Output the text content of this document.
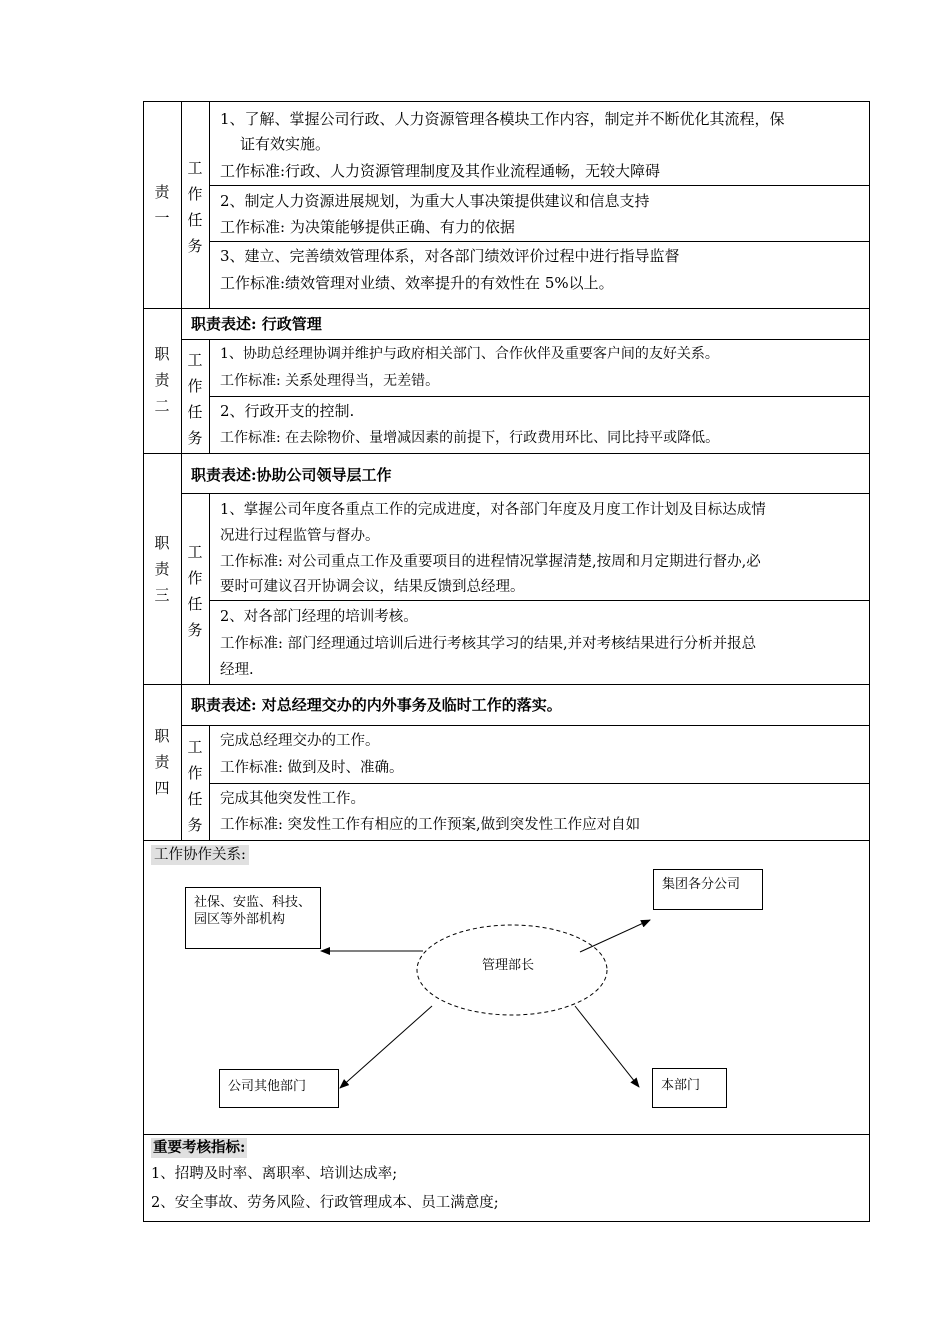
责一
工作任务
1、了解、掌握公司行政、人力资源管理各模块工作内容，制定并不断优化其流程，保
证有效实施。
工作标准:行政、人力资源管理制度及其作业流程通畅，无较大障碍
2、制定人力资源进展规划，为重大人事决策提供建议和信息支持
工作标准: 为决策能够提供正确、有力的依据
3、建立、完善绩效管理体系，对各部门绩效评价过程中进行指导监督
工作标准:绩效管理对业绩、效率提升的有效性在 5%以上。
职责二
职责表述: 行政管理
工作任务
1、协助总经理协调并维护与政府相关部门、合作伙伴及重要客户间的友好关系。
工作标准: 关系处理得当，无差错。
2、行政开支的控制.
工作标准: 在去除物价、量增减因素的前提下，行政费用环比、同比持平或降低。
职责三
职责表述:协助公司领导层工作
工作任务
1、掌握公司年度各重点工作的完成进度，对各部门年度及月度工作计划及目标达成情
况进行过程监管与督办。
工作标准: 对公司重点工作及重要项目的进程情况掌握清楚,按周和月定期进行督办,必
要时可建议召开协调会议，结果反馈到总经理。
2、对各部门经理的培训考核。
工作标准: 部门经理通过培训后进行考核其学习的结果,并对考核结果进行分析并报总
经理.
职责四
职责表述: 对总经理交办的内外事务及临时工作的落实。
工作任务
完成总经理交办的工作。
工作标准: 做到及时、准确。
完成其他突发性工作。
工作标准: 突发性工作有相应的工作预案,做到突发性工作应对自如
工作协作关系:
管理部长
社保、安监、科技、园区等外部机构
集团各分公司
公司其他部门	本部门
重要考核指标:
1、招聘及时率、离职率、培训达成率;
2、安全事故、劳务风险、行政管理成本、员工满意度;
